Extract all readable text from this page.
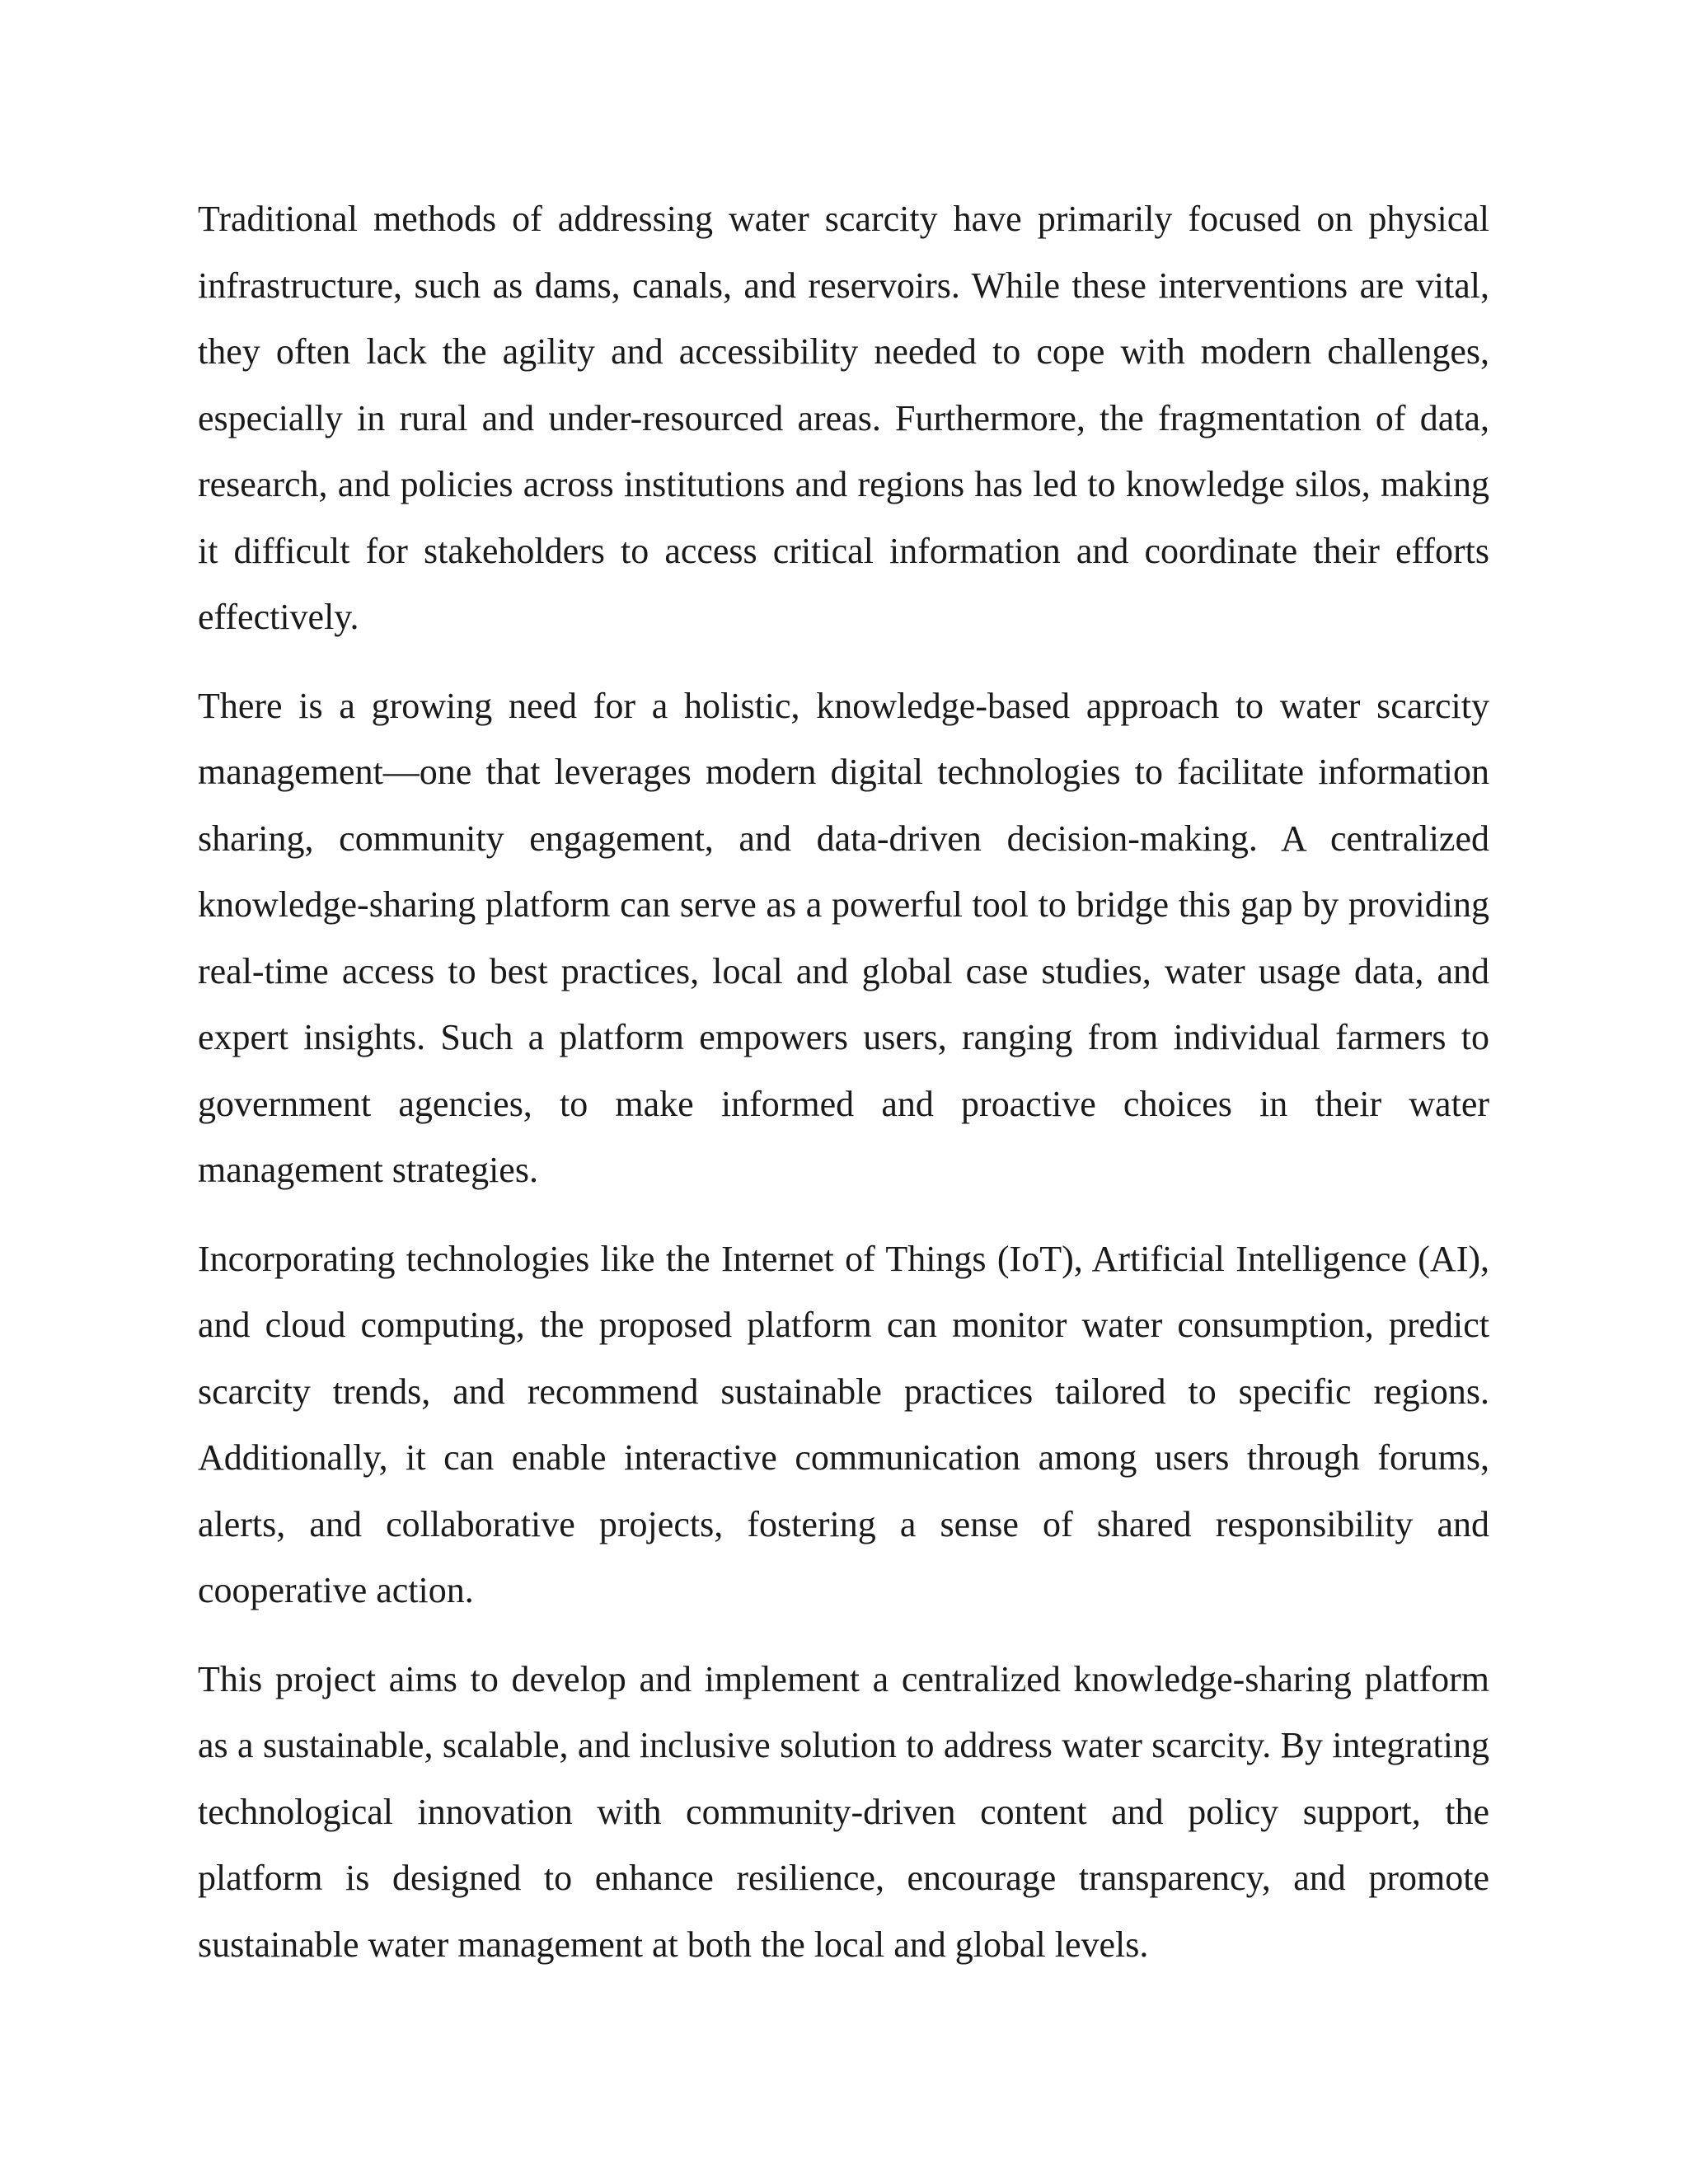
Traditional methods of addressing water scarcity have primarily focused on physical infrastructure, such as dams, canals, and reservoirs. While these interventions are vital, they often lack the agility and accessibility needed to cope with modern challenges, especially in rural and under-resourced areas. Furthermore, the fragmentation of data, research, and policies across institutions and regions has led to knowledge silos, making it difficult for stakeholders to access critical information and coordinate their efforts effectively.

There is a growing need for a holistic, knowledge-based approach to water scarcity management—one that leverages modern digital technologies to facilitate information sharing, community engagement, and data-driven decision-making. A centralized knowledge-sharing platform can serve as a powerful tool to bridge this gap by providing real-time access to best practices, local and global case studies, water usage data, and expert insights. Such a platform empowers users, ranging from individual farmers to government agencies, to make informed and proactive choices in their water management strategies.

Incorporating technologies like the Internet of Things (IoT), Artificial Intelligence (AI), and cloud computing, the proposed platform can monitor water consumption, predict scarcity trends, and recommend sustainable practices tailored to specific regions. Additionally, it can enable interactive communication among users through forums, alerts, and collaborative projects, fostering a sense of shared responsibility and cooperative action.

This project aims to develop and implement a centralized knowledge-sharing platform as a sustainable, scalable, and inclusive solution to address water scarcity. By integrating technological innovation with community-driven content and policy support, the platform is designed to enhance resilience, encourage transparency, and promote sustainable water management at both the local and global levels.
